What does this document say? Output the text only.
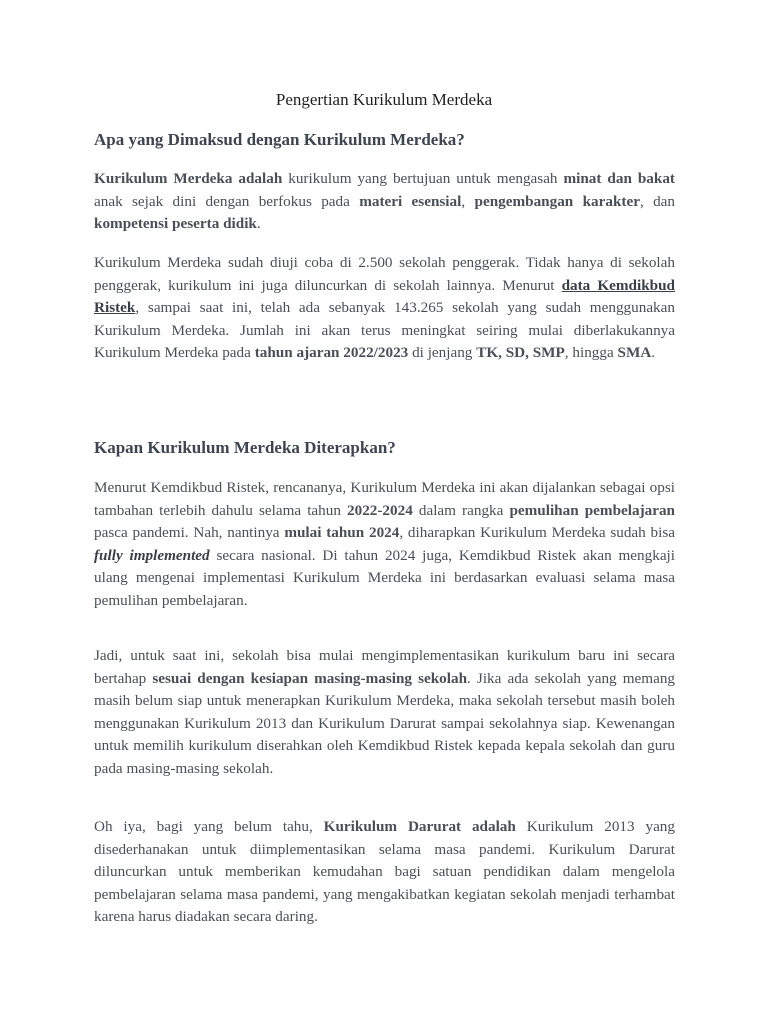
Pengertian Kurikulum Merdeka
Apa yang Dimaksud dengan Kurikulum Merdeka?

Kurikulum Merdeka adalah kurikulum yang bertujuan untuk mengasah minat dan bakat anak sejak dini dengan berfokus pada materi esensial, pengembangan karakter, dan kompetensi peserta didik.

Kurikulum Merdeka sudah diuji coba di 2.500 sekolah penggerak. Tidak hanya di sekolah penggerak, kurikulum ini juga diluncurkan di sekolah lainnya. Menurut data Kemdikbud Ristek, sampai saat ini, telah ada sebanyak 143.265 sekolah yang sudah menggunakan Kurikulum Merdeka. Jumlah ini akan terus meningkat seiring mulai diberlakukannya Kurikulum Merdeka pada tahun ajaran 2022/2023 di jenjang TK, SD, SMP, hingga SMA.

Kapan Kurikulum Merdeka Diterapkan?

Menurut Kemdikbud Ristek, rencananya, Kurikulum Merdeka ini akan dijalankan sebagai opsi tambahan terlebih dahulu selama tahun 2022-2024 dalam rangka pemulihan pembelajaran pasca pandemi. Nah, nantinya mulai tahun 2024, diharapkan Kurikulum Merdeka sudah bisa fully implemented secara nasional. Di tahun 2024 juga, Kemdikbud Ristek akan mengkaji ulang mengenai implementasi Kurikulum Merdeka ini berdasarkan evaluasi selama masa pemulihan pembelajaran.

Jadi, untuk saat ini, sekolah bisa mulai mengimplementasikan kurikulum baru ini secara bertahap sesuai dengan kesiapan masing-masing sekolah. Jika ada sekolah yang memang masih belum siap untuk menerapkan Kurikulum Merdeka, maka sekolah tersebut masih boleh menggunakan Kurikulum 2013 dan Kurikulum Darurat sampai sekolahnya siap. Kewenangan untuk memilih kurikulum diserahkan oleh Kemdikbud Ristek kepada kepala sekolah dan guru pada masing-masing sekolah.

Oh iya, bagi yang belum tahu, Kurikulum Darurat adalah Kurikulum 2013 yang disederhanakan untuk diimplementasikan selama masa pandemi. Kurikulum Darurat diluncurkan untuk memberikan kemudahan bagi satuan pendidikan dalam mengelola pembelajaran selama masa pandemi, yang mengakibatkan kegiatan sekolah menjadi terhambat karena harus diadakan secara daring.
